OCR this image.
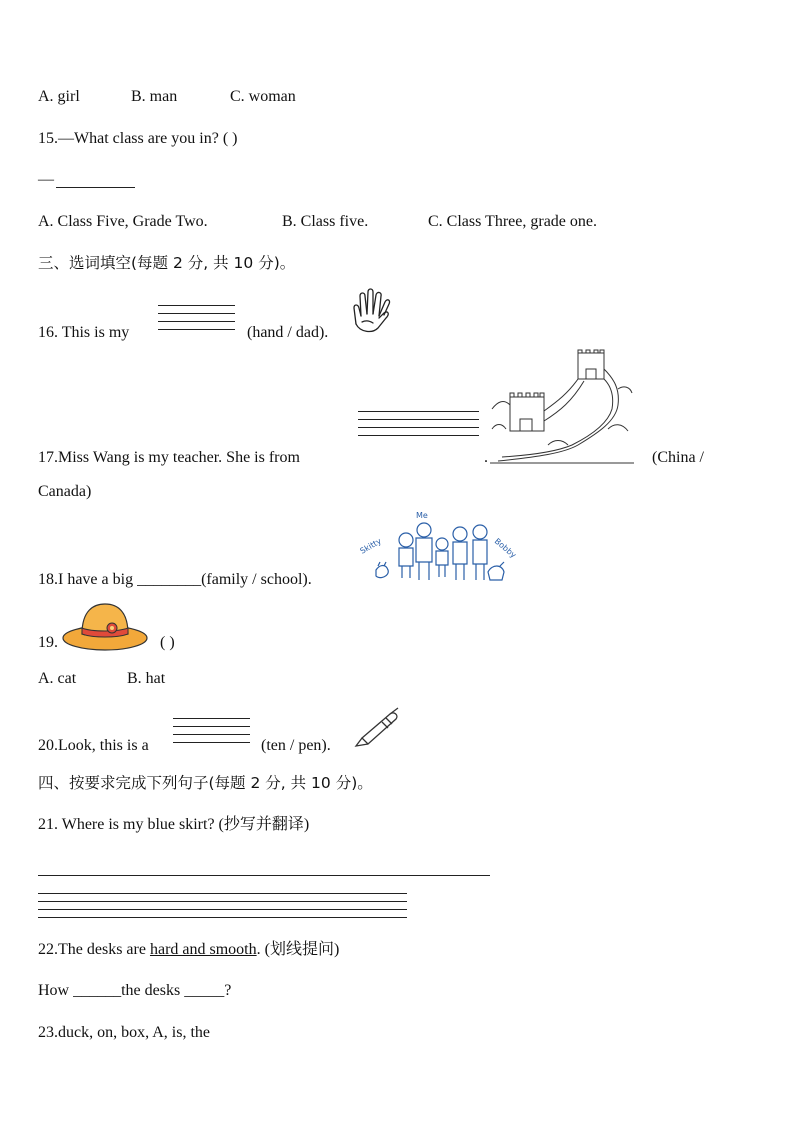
A. girl	B. man	C. woman
15.—What class are you in? ( )
—
A. Class Five, Grade Two.	B. Class five.	C. Class Three, grade one.
三、选词填空(每题 2 分, 共 10 分)。
16. This is my	(hand / dad).
17.Miss Wang is my teacher. She is from	.	(China /
Canada)
18.I have a big ________(family / school).
Skitty
Me
Bobby
19.	( )
A. cat	B. hat
20.Look, this is a	(ten / pen).
四、按要求完成下列句子(每题 2 分, 共 10 分)。
21. Where is my blue skirt? (抄写并翻译)
22.The desks are hard and smooth. (划线提问)
How ______the desks _____?
23.duck, on, box, A, is, the
